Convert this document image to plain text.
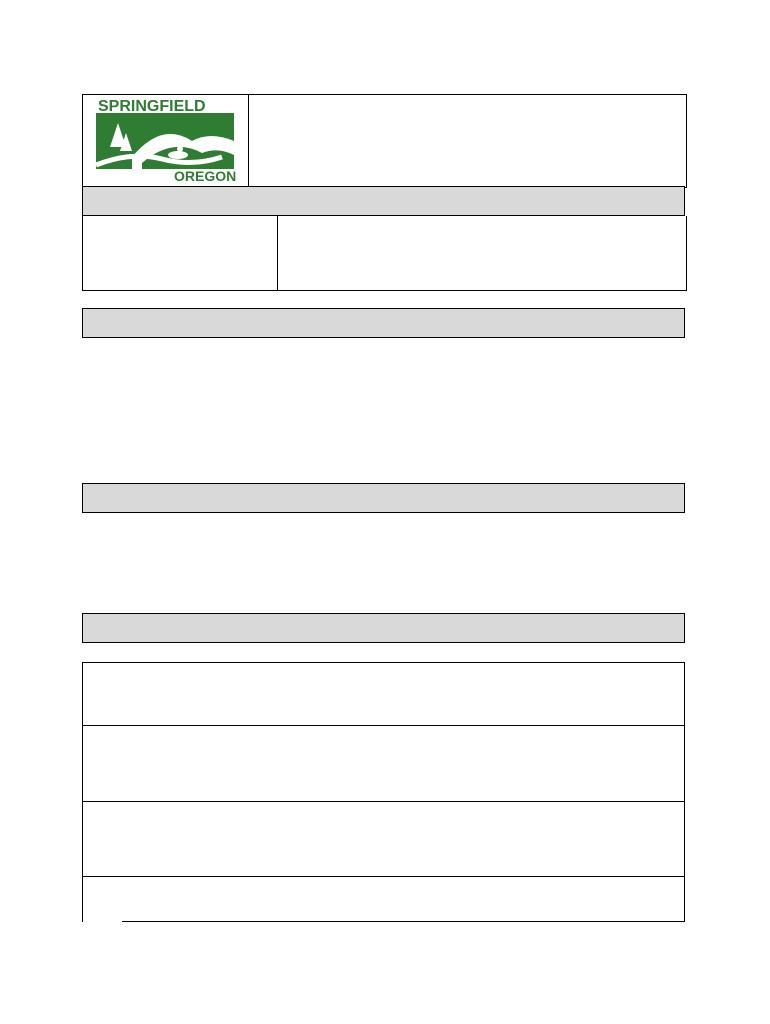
SPRINGFIELD
OREGON
